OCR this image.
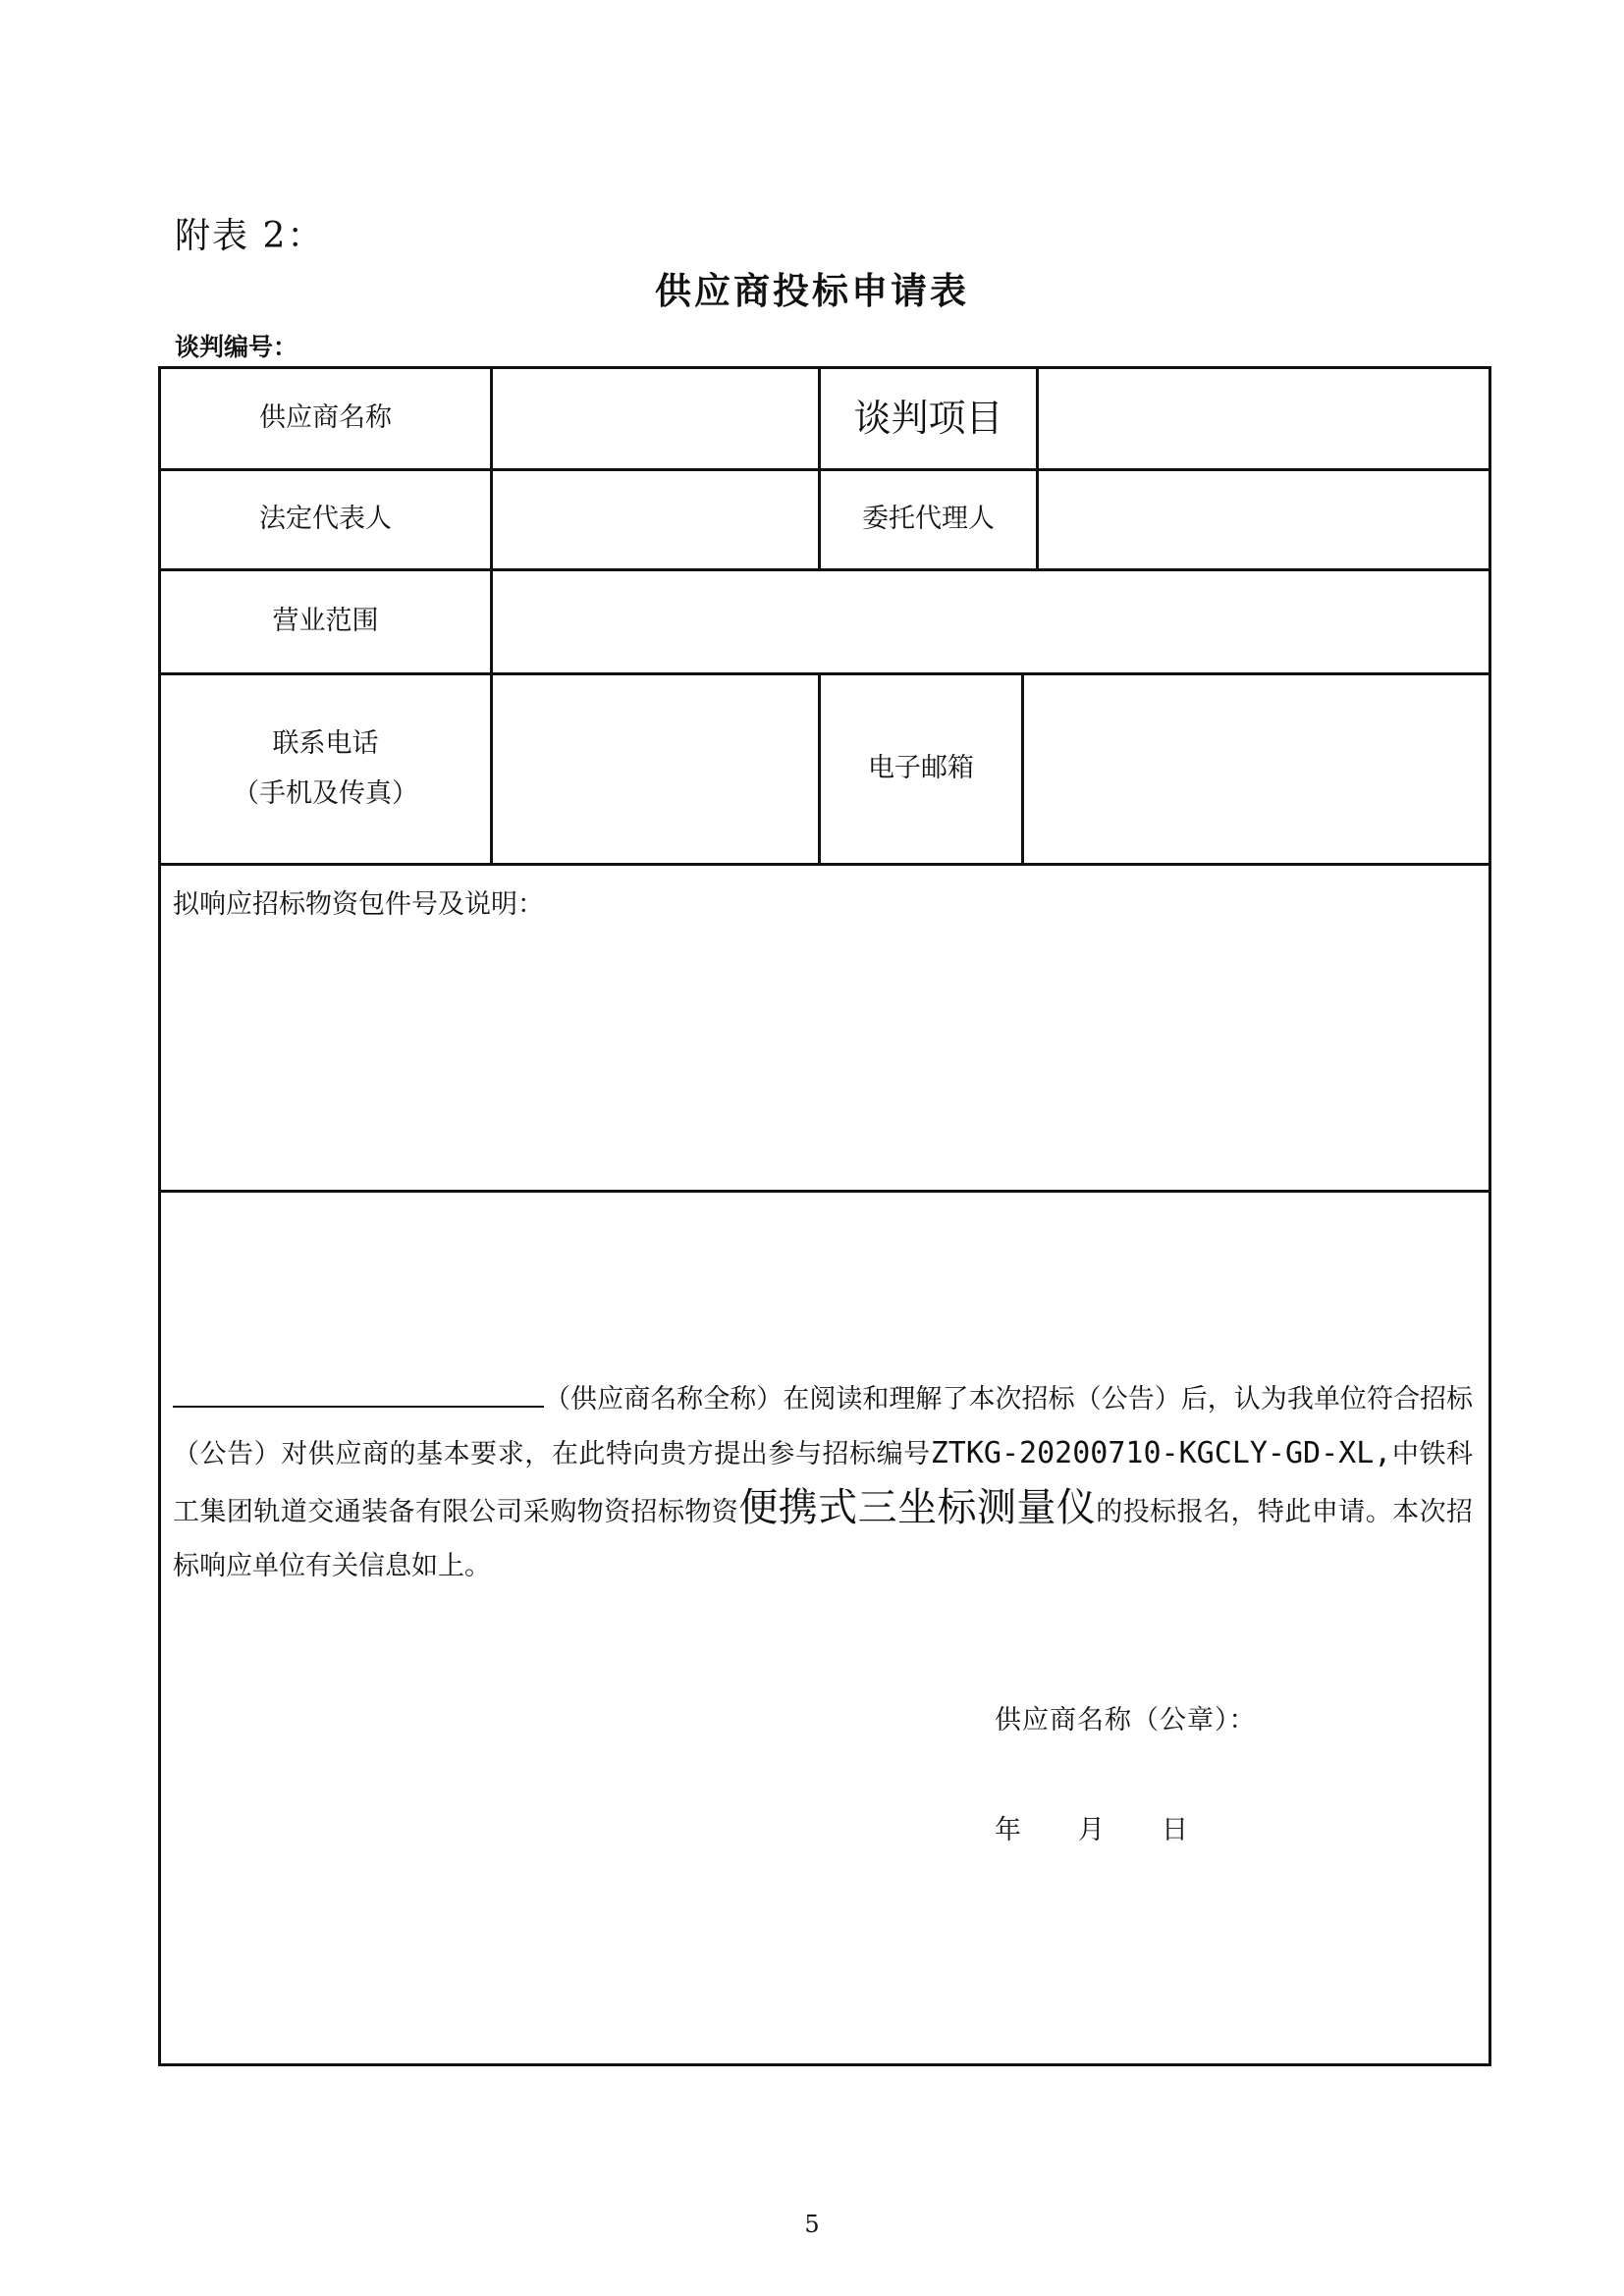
附表 2：
供应商投标申请表
谈判编号：
供应商名称		谈判项目		
法定代表人		委托代理人		
营业范围				

联系电话
（手机及传真）		电子邮箱		
拟响应招标物资包件号及说明：				

（供应商名称全称）在阅读和理解了本次招标（公告）后，认为我单位符合招标（公告）对供应商的基本要求，在此特向贵方提出参与招标编号ZTKG-20200710-KGCLY-GD-XL,中铁科工集团轨道交通装备有限公司采购物资招标物资便携式三坐标测量仪的投标报名，特此申请。本次招标响应单位有关信息如上。
供应商名称（公章）：
年 月 日				
5
